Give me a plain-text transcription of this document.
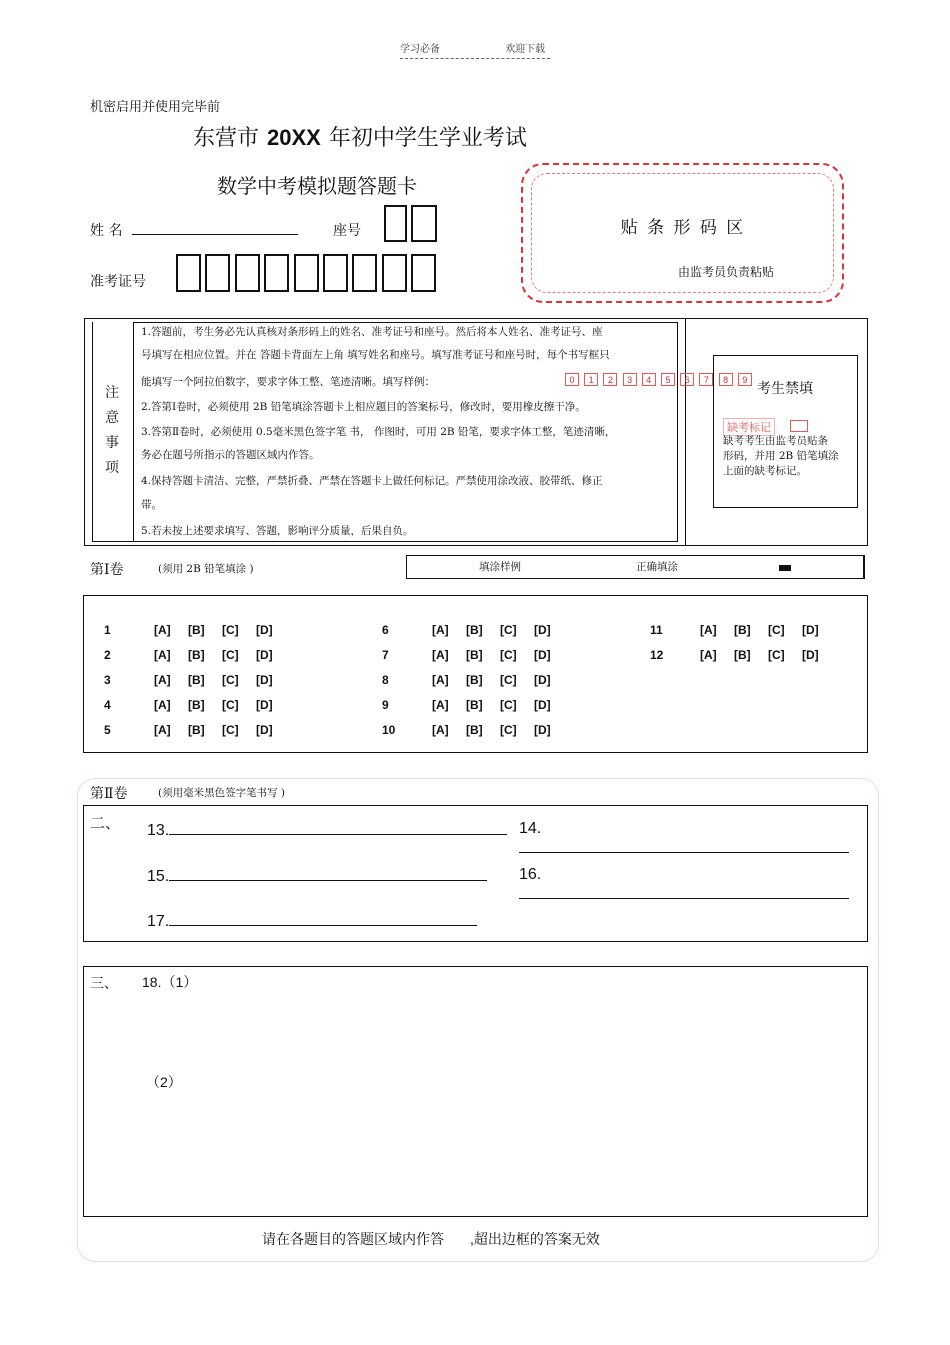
学习必备	欢迎下载
机密启用并使用完毕前
东营市 20XX 年初中学生学业考试
数学中考模拟题答题卡
姓 名	座号
准考证号
贴 条 形 码 区
由监考员负责粘贴
注
意
事
项
1.答题前，考生务必先认真核对条形码上的姓名、准考证号和座号。然后将本人姓名、准考证号、座
号填写在相应位置。并在 答题卡背面左上角 填写姓名和座号。填写准考证号和座号时，每个书写框只
能填写一个阿拉伯数字，要求字体工整、笔迹清晰。填写样例：	0	1	2	3	4	5	6	7	8	9
2.答第Ⅰ卷时，必须使用 2B 铅笔填涂答题卡上相应题目的答案标号，修改时，要用橡皮擦干净。
3.答第Ⅱ卷时，必须使用 0.5毫米黑色签字笔 书， 作图时，可用 2B 铅笔，要求字体工整，笔迹清晰，
务必在题号所指示的答题区域内作答。
4.保持答题卡清洁、完整，严禁折叠、严禁在答题卡上做任何标记。严禁使用涂改液、胶带纸、修正
带。
5.若未按上述要求填写、答题，影响评分质量，后果自负。
考生禁填
缺考标记
缺考考生由监考员贴条
形码，并用 2B 铅笔填涂
上面的缺考标记。
第Ⅰ卷	(须用 2B 铅笔填涂 )	填涂样例	正确填涂
1	[A] [B] [C] [D]
2	[A] [B] [C] [D]
3	[A] [B] [C] [D]
4	[A] [B] [C] [D]
5	[A] [B] [C] [D]
6	[A] [B] [C] [D]
7	[A] [B] [C] [D]
8	[A] [B] [C] [D]
9	[A] [B] [C] [D]
10	[A] [B] [C] [D]
11	[A] [B] [C] [D]
12	[A] [B] [C] [D]
第Ⅱ卷	(须用毫米黑色签字笔书写 )
二、 13.	14.
15.	16.
17.
三、 18.（1）
（2）
请在各题目的答题区域内作答 ,超出边框的答案无效
